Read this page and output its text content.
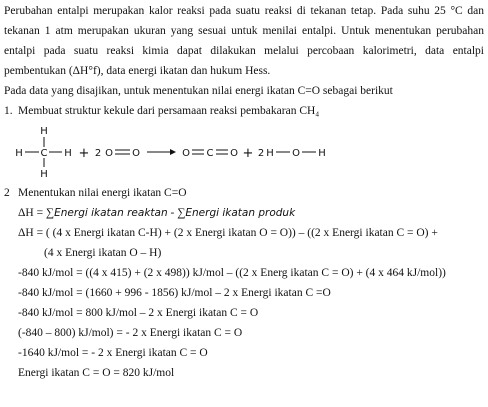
Perubahan entalpi merupakan kalor reaksi pada suatu reaksi di tekanan tetap. Pada suhu 25 °C dan
tekanan 1 atm merupakan ukuran yang sesuai untuk menilai entalpi. Untuk menentukan perubahan
entalpi pada suatu reaksi kimia dapat dilakukan melalui percobaan kalorimetri, data entalpi
pembentukan (ΔH°f), data energi ikatan dan hukum Hess.
Pada data yang disajikan, untuk menentukan nilai energi ikatan C=O sebagai berikut
1. Membuat struktur kekule dari persamaan reaksi pembakaran CH₄
H
H C H
H
+ 2 O O	O C O + 2 H O H
2 Menentukan nilai energi ikatan C=O
ΔH = ∑Energi ikatan reaktan - ∑Energi ikatan produk
ΔH = ( (4 x Energi ikatan C-H) + (2 x Energi ikatan O = O)) – ((2 x Energi ikatan C = O) +
(4 x Energi ikatan O – H)
-840 kJ/mol = ((4 x 415) + (2 x 498)) kJ/mol – ((2 x Energ ikatan C = O) + (4 x 464 kJ/mol))
-840 kJ/mol = (1660 + 996 - 1856) kJ/mol – 2 x Energi ikatan C =O
-840 kJ/mol = 800 kJ/mol – 2 x Energi ikatan C = O
(-840 – 800) kJ/mol) = - 2 x Energi ikatan C = O
-1640 kJ/mol = - 2 x Energi ikatan C = O
Energi ikatan C = O = 820 kJ/mol
